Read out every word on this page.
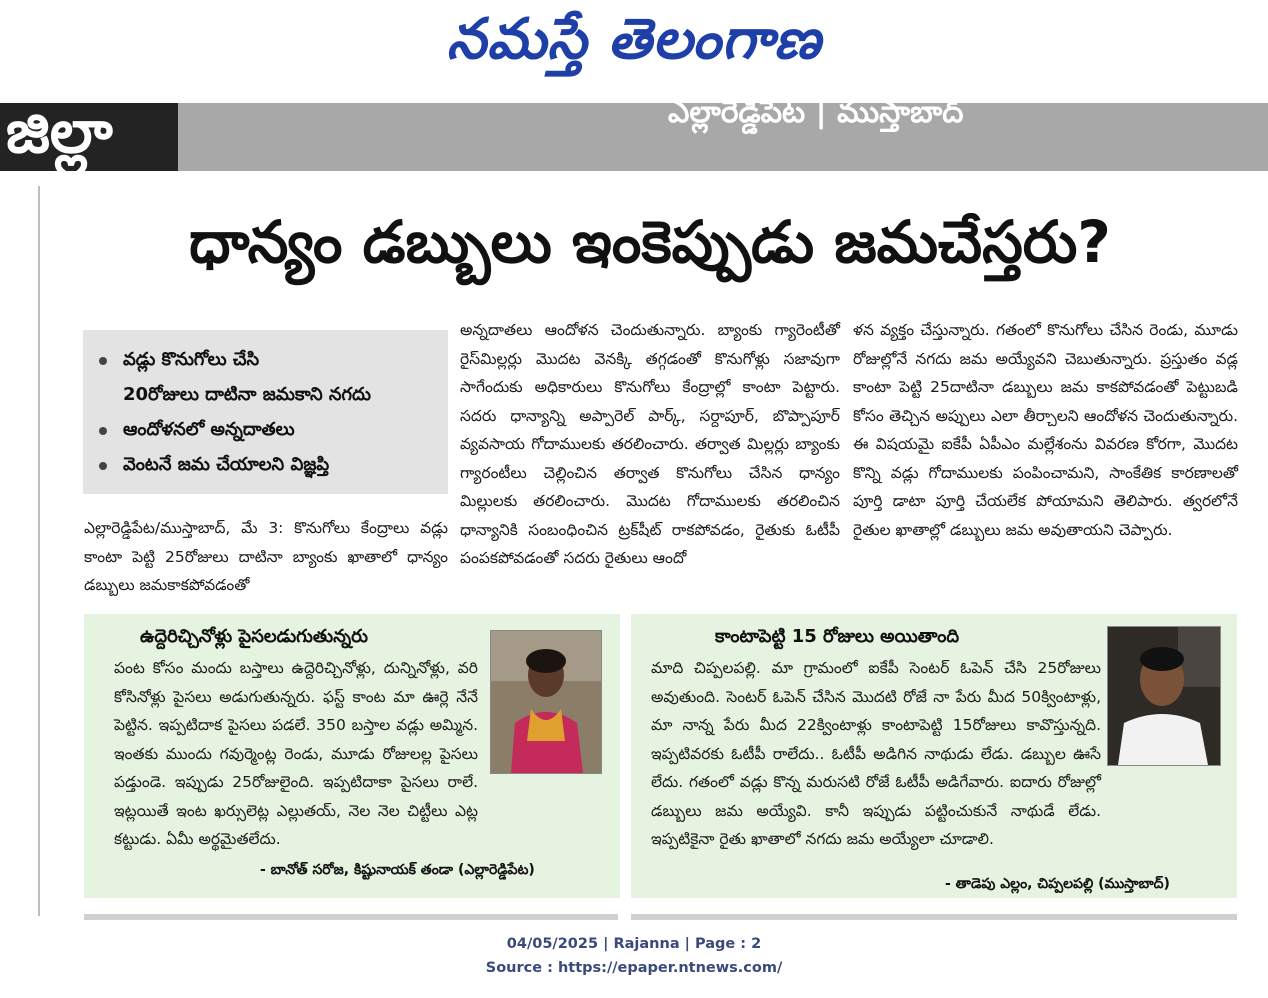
నమస్తే తెలంగాణ
జిల్లా	ఎల్లారెడ్డిపేట | ముస్తాబాద్
ధాన్యం డబ్బులు ఇంకెప్పుడు జమచేస్తరు?
వడ్లు కొనుగోలు చేసి
20రోజులు దాటినా జమకాని నగదు
ఆందోళనలో అన్నదాతలు
వెంటనే జమ చేయాలని విజ్ఞప్తి
ఎల్లారెడ్డిపేట/ముస్తాబాద్, మే 3: కొనుగోలు కేంద్రాలు వడ్లు కాంటా పెట్టి 25రోజులు దాటినా బ్యాంకు ఖాతాలో ధాన్యం డబ్బులు జమకాకపోవడంతో
అన్నదాతలు ఆందోళన చెందుతున్నారు. బ్యాంకు గ్యారెంటీతో రైస్‌మిల్లర్లు మొదట వెనక్కి తగ్గడంతో కొనుగోళ్లు సజావుగా సాగేందుకు అధికారులు కొనుగోలు కేంద్రాల్లో కాంటా పెట్టారు. సదరు ధాన్యాన్ని అప్పారెల్ పార్క్, సర్దాపూర్, బొప్పాపూర్ వ్యవసాయ గోదాములకు తరలించారు. తర్వాత మిల్లర్లు బ్యాంకు గ్యారంటీలు చెల్లించిన తర్వాత కొనుగోలు చేసిన ధాన్యం మిల్లులకు తరలించారు. మొదట గోదాములకు తరలించిన ధాన్యానికి సంబంధించిన ట్రక్‌షీట్ రాకపోవడం, రైతుకు ఓటీపీ పంపకపోవడంతో సదరు రైతులు ఆందో
ళన వ్యక్తం చేస్తున్నారు. గతంలో కొనుగోలు చేసిన రెండు, మూడు రోజుల్లోనే నగదు జమ అయ్యేవని చెబుతున్నారు. ప్రస్తుతం వడ్ల కాంటా పెట్టి 25దాటినా డబ్బులు జమ కాకపోవడంతో పెట్టుబడి కోసం తెచ్చిన అప్పులు ఎలా తీర్చాలని ఆందోళన చెందుతున్నారు. ఈ విషయమై ఐకేపీ ఏపీఎం మల్లేశంను వివరణ కోరగా, మొదట కొన్ని వడ్లు గోదాములకు పంపించామని, సాంకేతిక కారణాలతో పూర్తి డాటా పూర్తి చేయలేక పోయామని తెలిపారు. త్వరలోనే రైతుల ఖాతాల్లో డబ్బులు జమ అవుతాయని చెప్పారు.
ఉద్దెరిచ్చినోళ్లు పైసలడుగుతున్నరు
పంట కోసం మందు బస్తాలు ఉద్దెరిచ్చినోళ్లు, దున్నినోళ్లు, వరి కోసినోళ్లు పైసలు అడుగుతున్నరు. ఫస్ట్ కాంట మా ఊర్లె నేనే పెట్టిన. ఇప్పటిదాక పైసలు పడలే. 350 బస్తాల వడ్లు అమ్మిన. ఇంతకు ముందు గవుర్మెంట్ల రెండు, మూడు రోజులల్ల పైసలు పడ్తుండె. ఇప్పుడు 25రోజులైంది. ఇప్పటిదాకా పైసలు రాలే. ఇట్లయితే ఇంట ఖర్సులెట్ల ఎల్లుతయ్, నెల నెల చిట్టీలు ఎట్ల కట్టుడు. ఏమీ అర్థమైతలేదు.
- బానోత్ సరోజ, కిష్టునాయక్ తండా (ఎల్లారెడ్డిపేట)
కాంటాపెట్టి 15 రోజులు అయితాంది
మాది చిప్పలపల్లి. మా గ్రామంలో ఐకేపీ సెంటర్ ఓపెన్ చేసి 25రోజులు అవుతుంది. సెంటర్ ఓపెన్ చేసిన మొదటి రోజే నా పేరు మీద 50క్వింటాళ్లు, మా నాన్న పేరు మీద 22క్వింటాళ్లు కాంటాపెట్టి 15రోజులు కావొస్తున్నది. ఇప్పటివరకు ఓటీపీ రాలేదు.. ఓటీపీ అడిగిన నాథుడు లేడు. డబ్బుల ఊసే లేదు. గతంలో వడ్లు కొన్న మరుసటి రోజే ఓటీపీ అడిగేవారు. ఐదారు రోజుల్లో డబ్బులు జమ అయ్యేవి. కానీ ఇప్పుడు పట్టించుకునే నాథుడే లేడు. ఇప్పటికైనా రైతు ఖాతాలో నగదు జమ అయ్యేలా చూడాలి.
- తాడెపు ఎల్లం, చిప్పలపల్లి (ముస్తాబాద్)
04/05/2025 | Rajanna | Page : 2
Source : https://epaper.ntnews.com/
